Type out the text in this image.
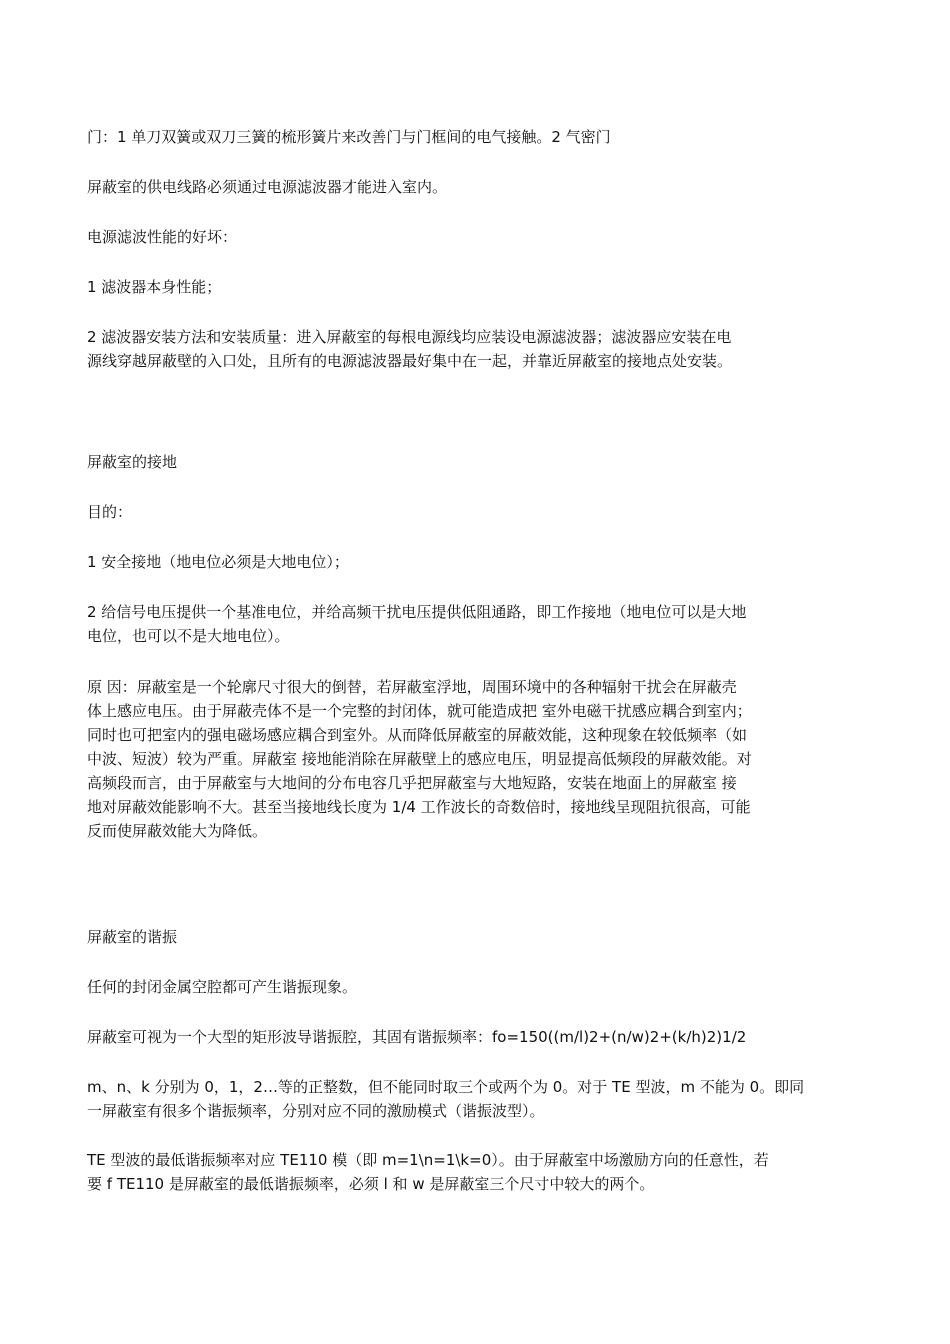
门：1 单刀双簧或双刀三簧的梳形簧片来改善门与门框间的电气接触。2 气密门
屏蔽室的供电线路必须通过电源滤波器才能进入室内。
电源滤波性能的好坏：
1 滤波器本身性能；
2 滤波器安装方法和安装质量：进入屏蔽室的每根电源线均应装设电源滤波器；滤波器应安装在电
源线穿越屏蔽壁的入口处，且所有的电源滤波器最好集中在一起，并靠近屏蔽室的接地点处安装。
屏蔽室的接地
目的：
1 安全接地（地电位必须是大地电位）；
2 给信号电压提供一个基准电位，并给高频干扰电压提供低阻通路，即工作接地（地电位可以是大地
电位，也可以不是大地电位）。
原 因：屏蔽室是一个轮廓尺寸很大的倒替，若屏蔽室浮地，周围环境中的各种辐射干扰会在屏蔽壳
体上感应电压。由于屏蔽壳体不是一个完整的封闭体，就可能造成把 室外电磁干扰感应耦合到室内；
同时也可把室内的强电磁场感应耦合到室外。从而降低屏蔽室的屏蔽效能，这种现象在较低频率（如
中波、短波）较为严重。屏蔽室 接地能消除在屏蔽壁上的感应电压，明显提高低频段的屏蔽效能。对
高频段而言，由于屏蔽室与大地间的分布电容几乎把屏蔽室与大地短路，安装在地面上的屏蔽室 接
地对屏蔽效能影响不大。甚至当接地线长度为 1/4 工作波长的奇数倍时，接地线呈现阻抗很高，可能
反而使屏蔽效能大为降低。
屏蔽室的谐振
任何的封闭金属空腔都可产生谐振现象。
屏蔽室可视为一个大型的矩形波导谐振腔，其固有谐振频率：fo=150((m/l)2+(n/w)2+(k/h)2)1/2
m、n、k 分别为 0，1，2…等的正整数，但不能同时取三个或两个为 0。对于 TE 型波，m 不能为 0。即同
一屏蔽室有很多个谐振频率，分别对应不同的激励模式（谐振波型）。
TE 型波的最低谐振频率对应 TE110 模（即 m=1\n=1\k=0）。由于屏蔽室中场激励方向的任意性，若
要 f TE110 是屏蔽室的最低谐振频率，必须 l 和 w 是屏蔽室三个尺寸中较大的两个。
